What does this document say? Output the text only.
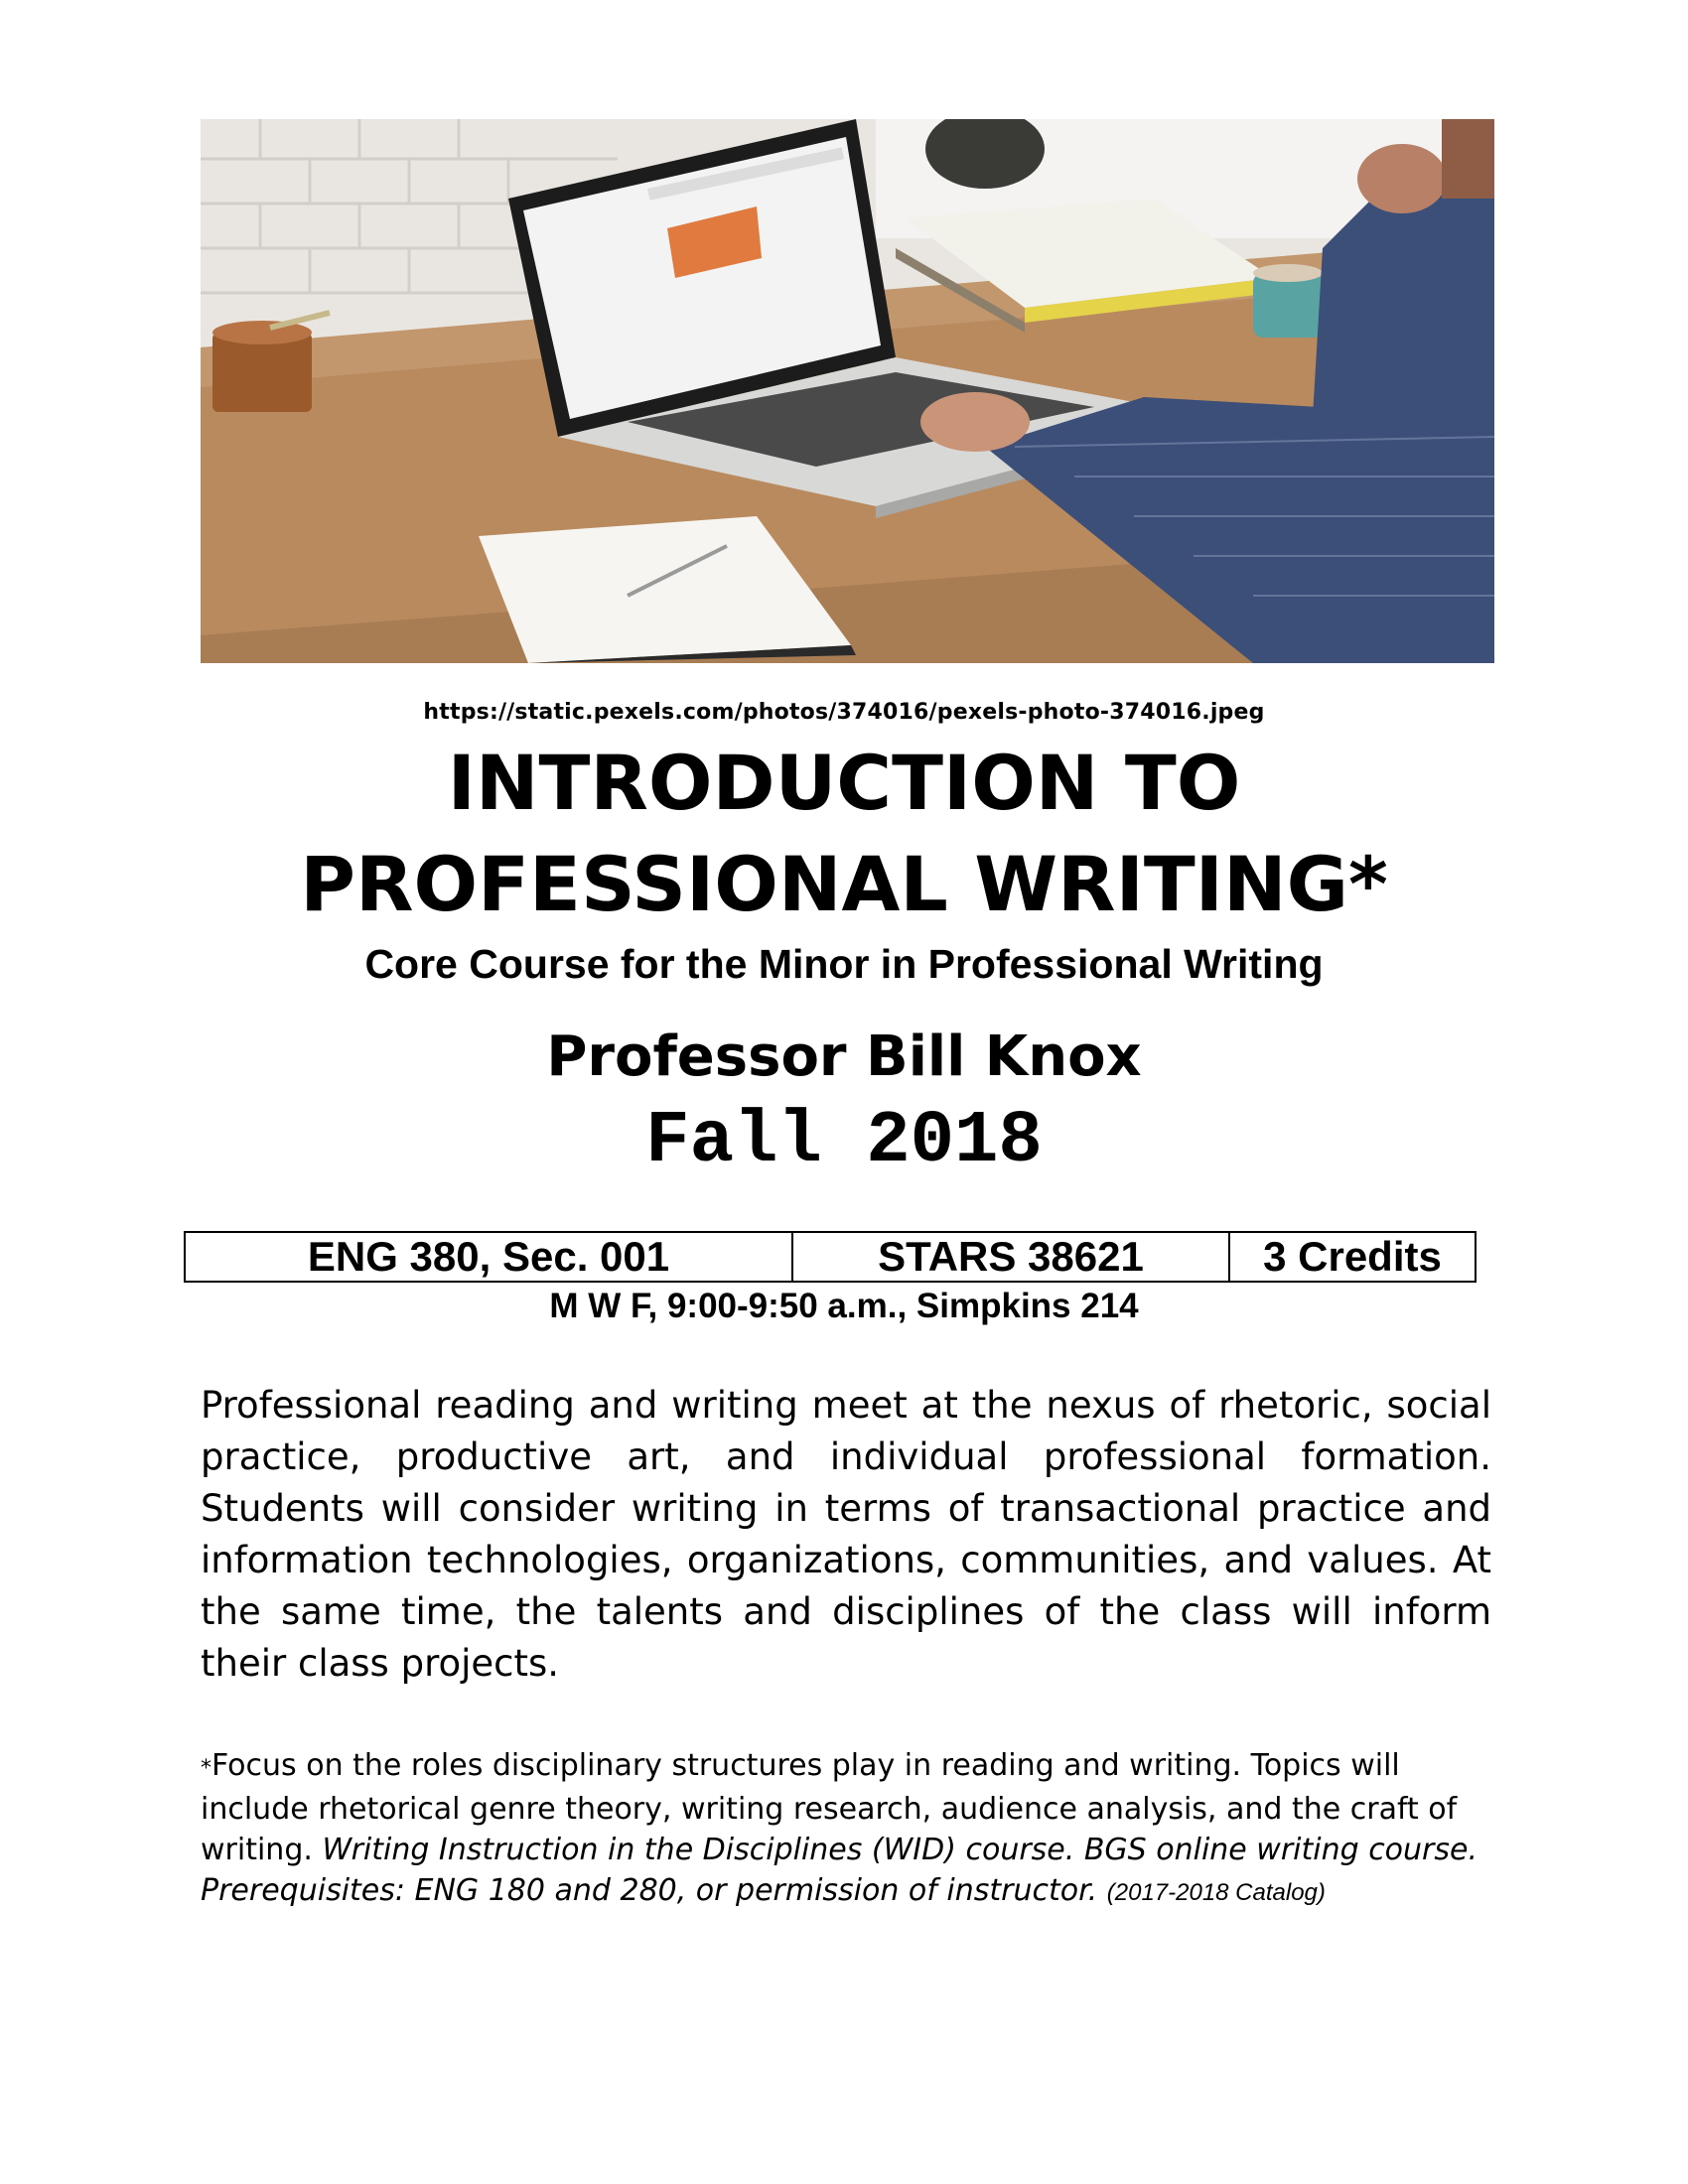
https://static.pexels.com/photos/374016/pexels-photo-374016.jpeg
INTRODUCTION TO
PROFESSIONAL WRITING*
Core Course for the Minor in Professional Writing
Professor Bill Knox
Fall 2018
ENG 380, Sec. 001	STARS 38621	3 Credits
M W F, 9:00-9:50 a.m., Simpkins 214

Professional reading and writing meet at the nexus of rhetoric, social practice, productive art, and individual professional formation. Students will consider writing in terms of transactional practice and information technologies, organizations, communities, and values. At the same time, the talents and disciplines of the class will inform their class projects.

*Focus on the roles disciplinary structures play in reading and writing. Topics will include rhetorical genre theory, writing research, audience analysis, and the craft of writing. Writing Instruction in the Disciplines (WID) course. BGS online writing course. Prerequisites: ENG 180 and 280, or permission of instructor. (2017-2018 Catalog)
